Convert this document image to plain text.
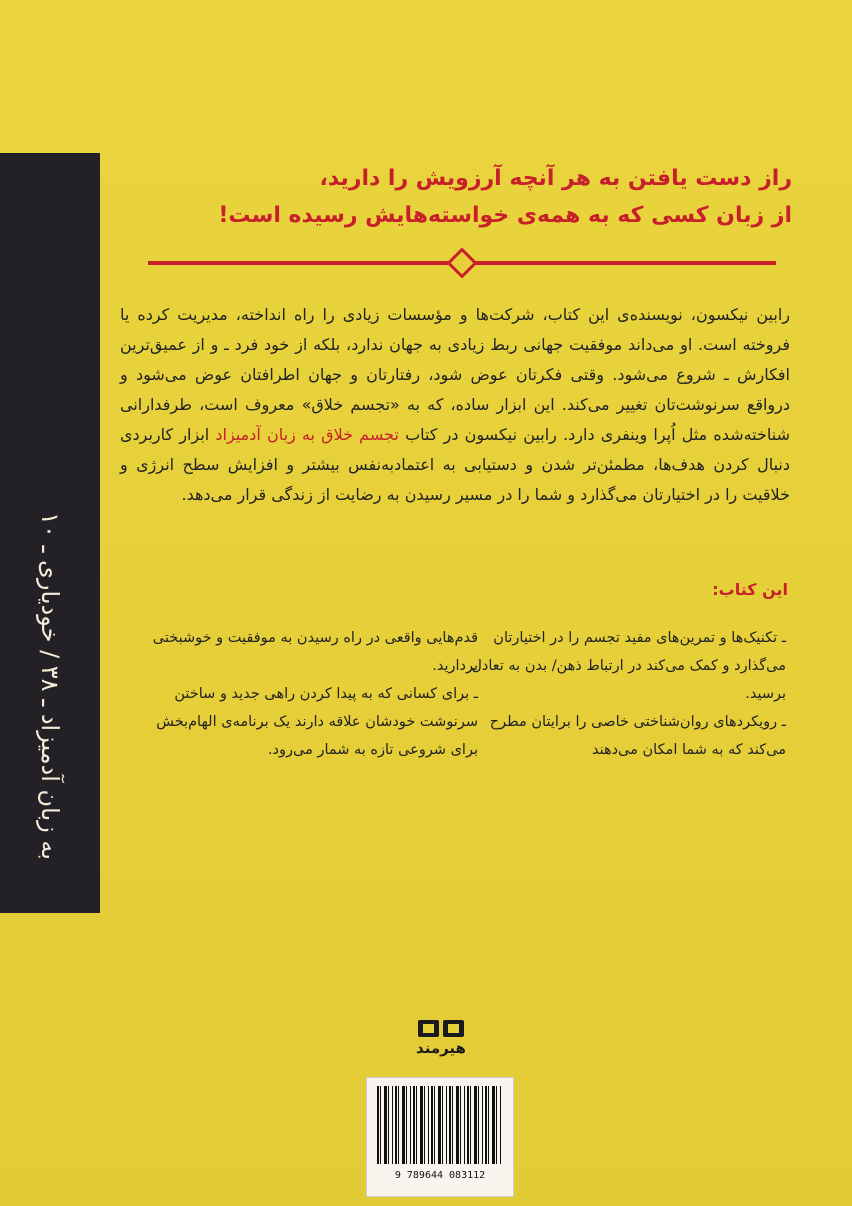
به زبان آدمیزاد ـ ۳۸ / خودیاری ـ ۱۰
راز دست یافتن به هر آنچه آرزویش را دارید،
از زبان کسی که به همه‌ی خواسته‌هایش رسیده است!
رابین نیکسون، نویسنده‌ی این کتاب، شرکت‌ها و مؤسسات زیادی را راه انداخته، مدیریت کرده یا فروخته است. او می‌داند موفقیت جهانی ربط زیادی به جهان ندارد، بلکه از خود فرد ـ و از عمیق‌ترین افکارش ـ شروع می‌شود. وقتی فکرتان عوض شود، رفتارتان و جهان اطرافتان عوض می‌شود و درواقع سرنوشت‌تان تغییر می‌کند. این ابزار ساده، که به «تجسم خلاق» معروف است، طرفدارانی شناخته‌شده مثل اُپرا وینفری دارد. رابین نیکسون در کتاب تجسم خلاق به زبان آدمیزاد ابزار کاربردی دنبال کردن هدف‌ها، مطمئن‌تر شدن و دستیابی به اعتمادبه‌نفس بیشتر و افزایش سطح انرژی و خلاقیت را در اختیارتان می‌گذارد و شما را در مسیر رسیدن به رضایت از زندگی قرار می‌دهد.
این کتاب:
ـ تکنیک‌ها و تمرین‌های مفید تجسم را در اختیارتان می‌گذارد و کمک می‌کند در ارتباط ذهن/ بدن به تعادل برسید.
ـ رویکردهای روان‌شناختی خاصی را برایتان مطرح می‌کند که به شما امکان می‌دهند
قدم‌هایی واقعی در راه رسیدن به موفقیت و خوشبختی بردارید.
ـ برای کسانی که به پیدا کردن راهی جدید و ساختن سرنوشت خودشان علاقه دارند یک برنامه‌ی الهام‌بخش برای شروعی تازه به شمار می‌رود.
هیرمند
9 789644 083112
